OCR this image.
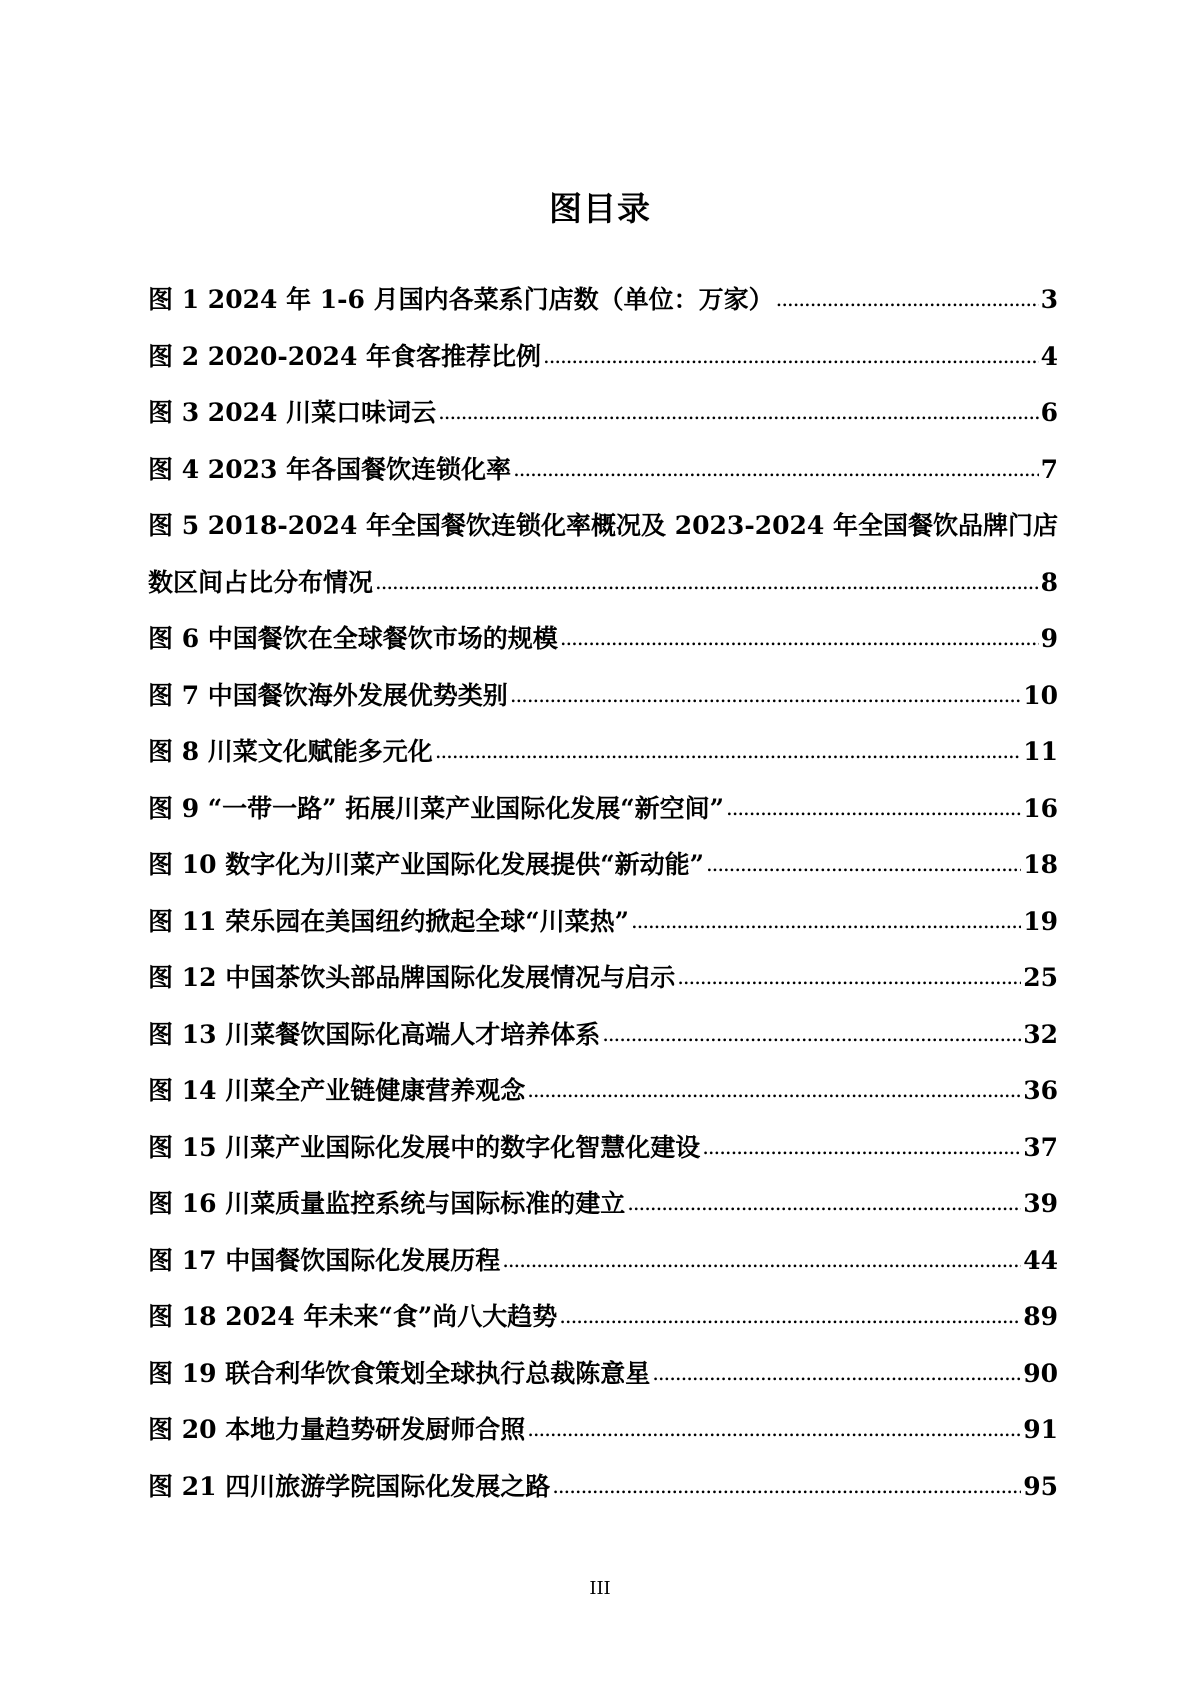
图目录
图 1 2024 年 1-6 月国内各菜系门店数（单位：万家） .....	3
图 2 2020-2024 年食客推荐比例 .....	4
图 3 2024 川菜口味词云 .....	6
图 4 2023 年各国餐饮连锁化率 .....	7
图 5 2018-2024 年全国餐饮连锁化率概况及 2023-2024 年全国餐饮品牌门店
数区间占比分布情况 .....	8
图 6 中国餐饮在全球餐饮市场的规模 .....	9
图 7 中国餐饮海外发展优势类别 .....	10
图 8 川菜文化赋能多元化 .....	11
图 9 “一带一路” 拓展川菜产业国际化发展“新空间” .....	16
图 10 数字化为川菜产业国际化发展提供“新动能” .....	18
图 11 荣乐园在美国纽约掀起全球“川菜热” .....	19
图 12 中国茶饮头部品牌国际化发展情况与启示 .....	25
图 13 川菜餐饮国际化高端人才培养体系 .....	32
图 14 川菜全产业链健康营养观念 .....	36
图 15 川菜产业国际化发展中的数字化智慧化建设 .....	37
图 16 川菜质量监控系统与国际标准的建立 .....	39
图 17 中国餐饮国际化发展历程 .....	44
图 18 2024 年未来“食”尚八大趋势 .....	89
图 19 联合利华饮食策划全球执行总裁陈意星 .....	90
图 20 本地力量趋势研发厨师合照 .....	91
图 21 四川旅游学院国际化发展之路 .....	95
III
